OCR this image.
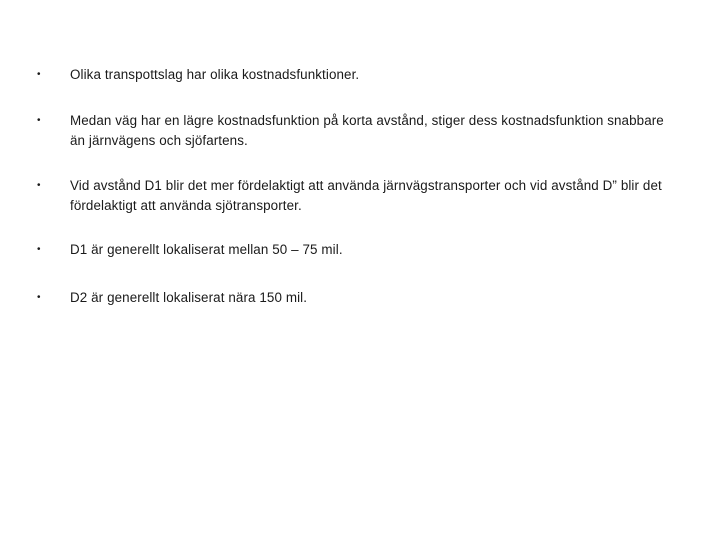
• Olika transpottslag har olika kostnadsfunktioner.
• Medan väg har en lägre kostnadsfunktion på korta avstånd, stiger dess kostnadsfunktion snabbare än järnvägens och sjöfartens.
• Vid avstånd D1 blir det mer fördelaktigt att använda järnvägstransporter och vid avstånd D” blir det fördelaktigt att använda sjötransporter.
• D1 är generellt lokaliserat mellan 50 – 75 mil.
• D2 är generellt lokaliserat nära 150 mil.
